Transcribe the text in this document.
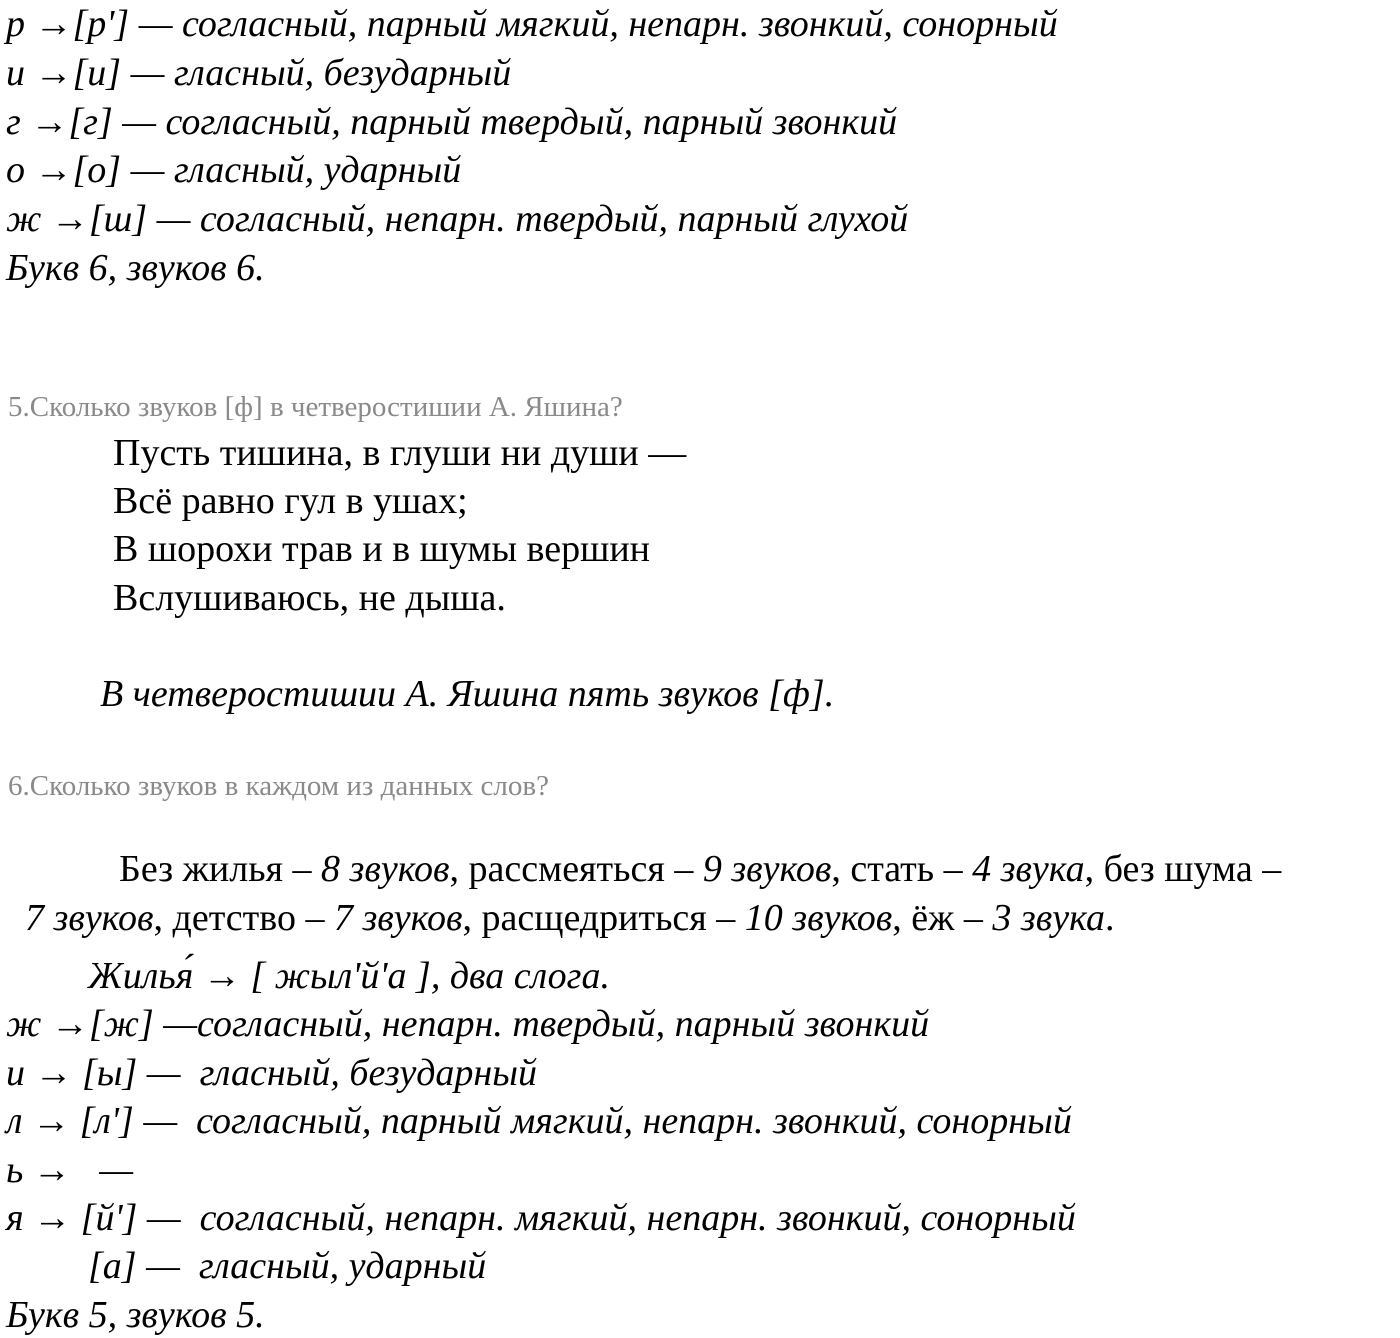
р →[р'] — согласный, парный мягкий, непарн. звонкий, сонорный
и →[и] — гласный, безударный
г →[г] — согласный, парный твердый, парный звонкий
о →[о] — гласный, ударный
ж →[ш] — согласный, непарн. твердый, парный глухой
Букв 6, звуков 6.
5.Сколько звуков [ф] в четверостишии А. Яшина?
Пусть тишина, в глуши ни души —
Всё равно гул в ушах;
В шорохи трав и в шумы вершин
Вслушиваюсь, не дыша.
В четверостишии А. Яшина пять звуков [ф].
6.Сколько звуков в каждом из данных слов?

Без жилья – 8 звуков, рассмеяться – 9 звуков, стать – 4 звука, без шума –

7 звуков, детство – 7 звуков, расщедриться – 10 звуков, ёж – 3 звука.

Жилья́ → [ жыл'й'а ], два слога.
ж →[ж] —согласный, непарн. твердый, парный звонкий
и → [ы] —  гласный, безударный
л → [л'] —  согласный, парный мягкий, непарн. звонкий, сонорный
ь →   —
я → [й'] —  согласный, непарн. мягкий, непарн. звонкий, сонорный
[а] —  гласный, ударный
Букв 5, звуков 5.
